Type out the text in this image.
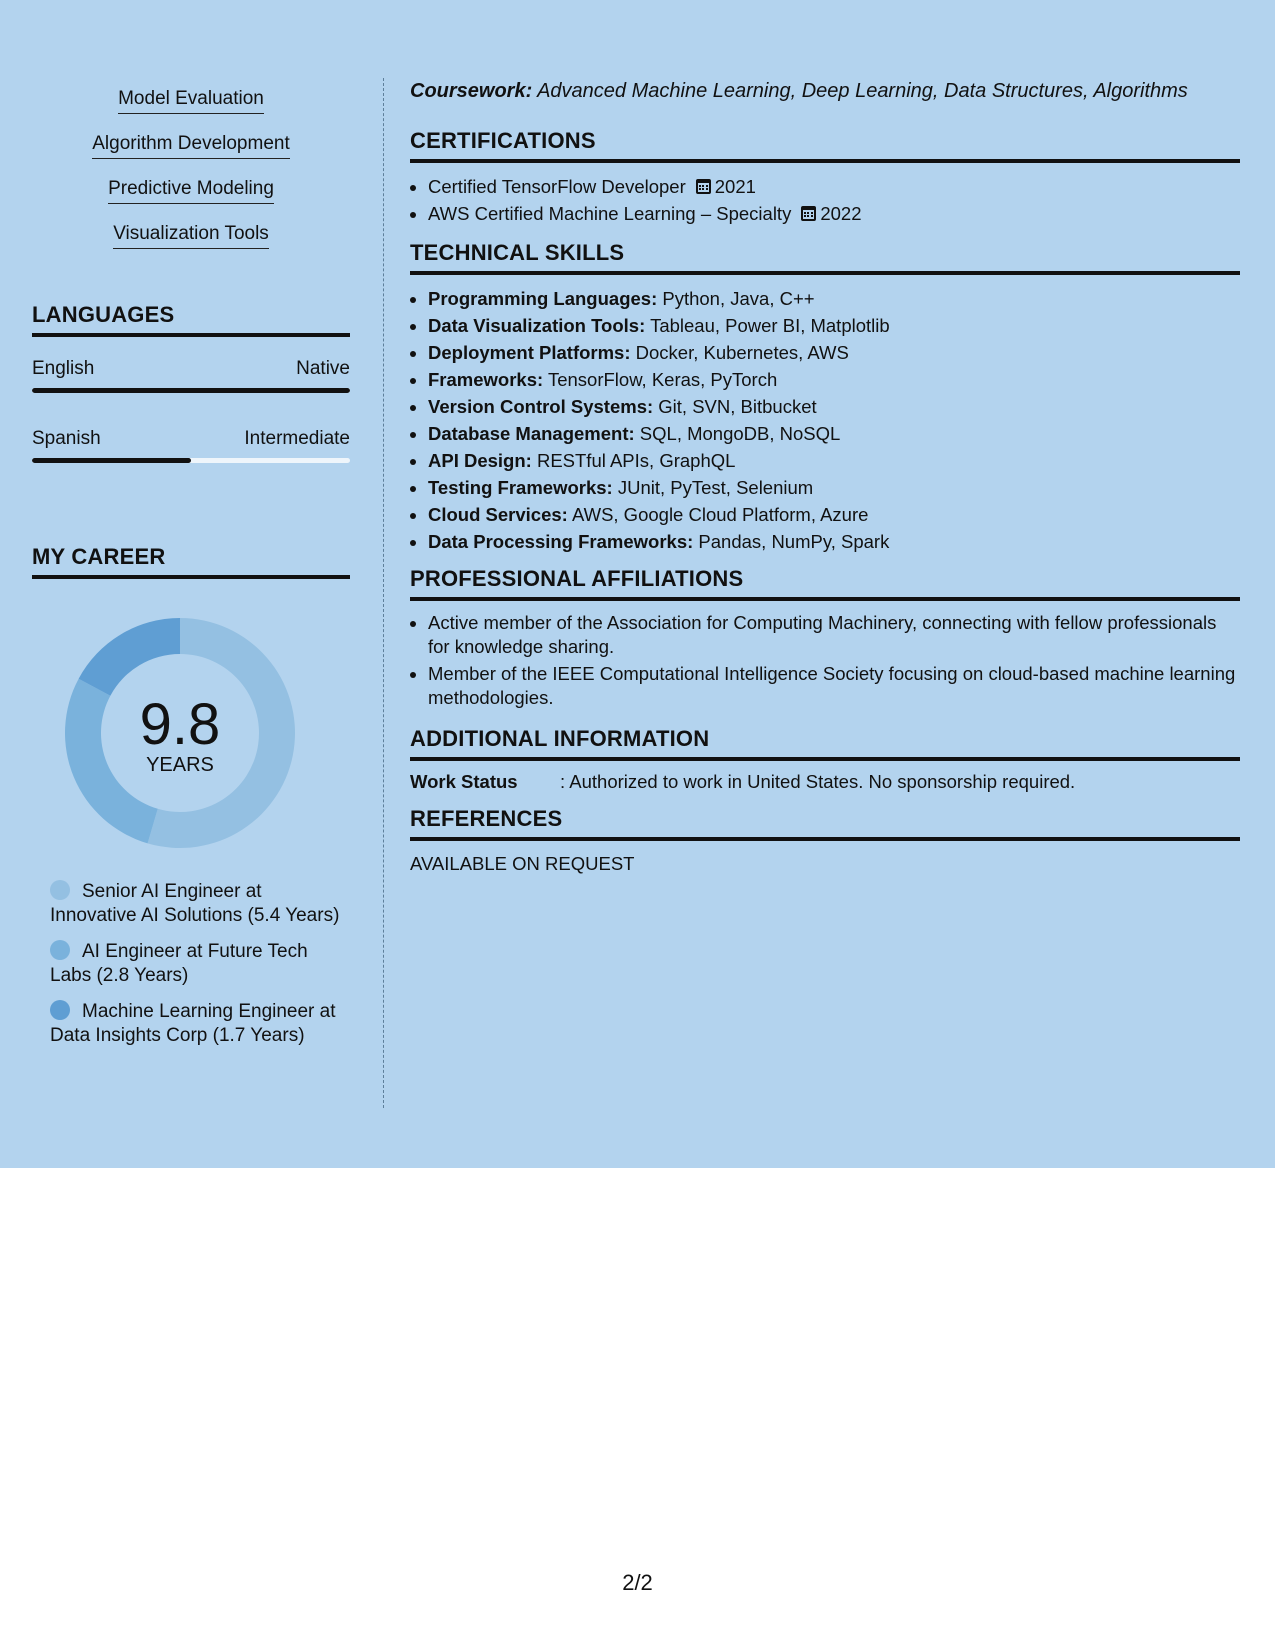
Model Evaluation
Algorithm Development
Predictive Modeling
Visualization Tools
LANGUAGES
English	Native
Spanish	Intermediate
MY CAREER
9.8
YEARS
Senior AI Engineer at Innovative AI Solutions (5.4 Years)
AI Engineer at Future Tech Labs (2.8 Years)
Machine Learning Engineer at Data Insights Corp (1.7 Years)
Coursework: Advanced Machine Learning, Deep Learning, Data Structures, Algorithms
CERTIFICATIONS
• Certified TensorFlow Developer 2021
• AWS Certified Machine Learning – Specialty 2022
TECHNICAL SKILLS
• Programming Languages: Python, Java, C++
• Data Visualization Tools: Tableau, Power BI, Matplotlib
• Deployment Platforms: Docker, Kubernetes, AWS
• Frameworks: TensorFlow, Keras, PyTorch
• Version Control Systems: Git, SVN, Bitbucket
• Database Management: SQL, MongoDB, NoSQL
• API Design: RESTful APIs, GraphQL
• Testing Frameworks: JUnit, PyTest, Selenium
• Cloud Services: AWS, Google Cloud Platform, Azure
• Data Processing Frameworks: Pandas, NumPy, Spark
PROFESSIONAL AFFILIATIONS
• Active member of the Association for Computing Machinery, connecting with fellow professionals for knowledge sharing.
• Member of the IEEE Computational Intelligence Society focusing on cloud-based machine learning methodologies.
ADDITIONAL INFORMATION
Work Status	: Authorized to work in United States. No sponsorship required.
REFERENCES
AVAILABLE ON REQUEST
2/2
